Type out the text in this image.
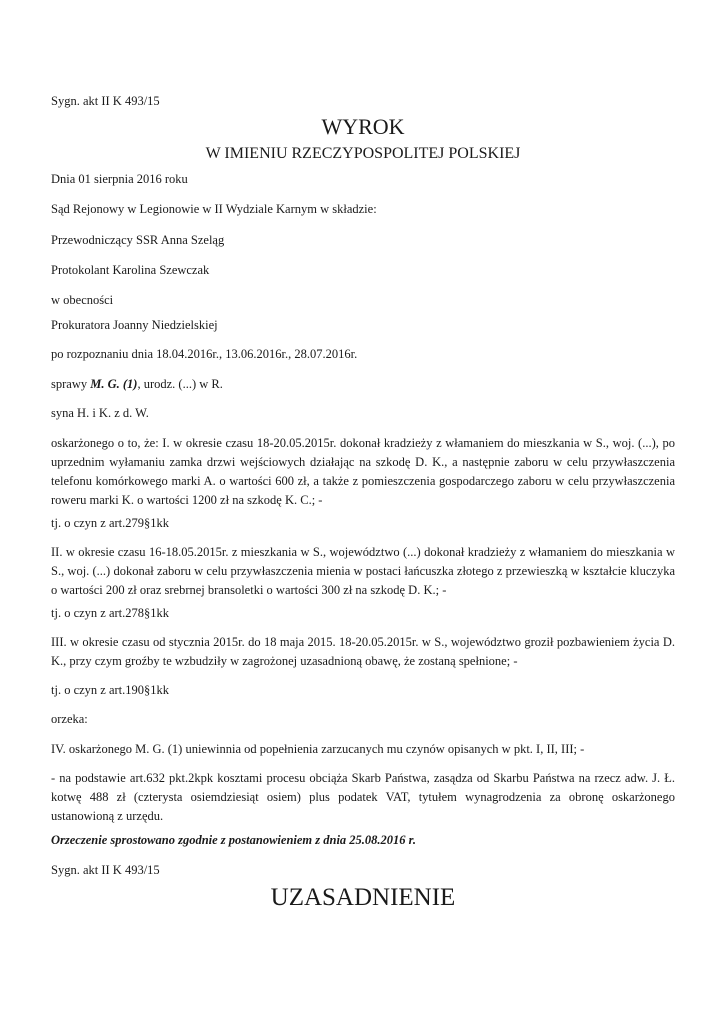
Sygn. akt II K 493/15

WYROK
W IMIENIU RZECZYPOSPOLITEJ POLSKIEJ

Dnia 01 sierpnia 2016 roku

Sąd Rejonowy w Legionowie w II Wydziale Karnym w składzie:

Przewodniczący SSR Anna Szeląg

Protokolant Karolina Szewczak

w obecności

Prokuratora Joanny Niedzielskiej

po rozpoznaniu dnia 18.04.2016r., 13.06.2016r., 28.07.2016r.

sprawy M. G. (1), urodz. (...) w R.

syna H. i K. z d. W.

oskarżonego o to, że: I. w okresie czasu 18-20.05.2015r. dokonał kradzieży z włamaniem do mieszkania w S., woj. (...), po uprzednim wyłamaniu zamka drzwi wejściowych działając na szkodę D. K., a następnie zaboru w celu przywłaszczenia telefonu komórkowego marki A. o wartości 600 zł, a także z pomieszczenia gospodarczego zaboru w celu przywłaszczenia roweru marki K. o wartości 1200 zł na szkodę K. C.; -

tj. o czyn z art.279§1kk

II. w okresie czasu 16-18.05.2015r. z mieszkania w S., województwo (...) dokonał kradzieży z włamaniem do mieszkania w S., woj. (...) dokonał zaboru w celu przywłaszczenia mienia w postaci łańcuszka złotego z przewieszką w kształcie kluczyka o wartości 200 zł oraz srebrnej bransoletki o wartości 300 zł na szkodę D. K.; -

tj. o czyn z art.278§1kk

III. w okresie czasu od stycznia 2015r. do 18 maja 2015. 18-20.05.2015r. w S., województwo groził pozbawieniem życia D. K., przy czym groźby te wzbudziły w zagrożonej uzasadnioną obawę, że zostaną spełnione; -

tj. o czyn z art.190§1kk

orzeka:

IV. oskarżonego M. G. (1) uniewinnia od popełnienia zarzucanych mu czynów opisanych w pkt. I, II, III; -

- na podstawie art.632 pkt.2kpk kosztami procesu obciąża Skarb Państwa, zasądza od Skarbu Państwa na rzecz adw. J. Ł. kotwę 488 zł (czterysta osiemdziesiąt osiem) plus podatek VAT, tytułem wynagrodzenia za obronę oskarżonego ustanowioną z urzędu.

Orzeczenie sprostowano zgodnie z postanowieniem z dnia 25.08.2016 r.

Sygn. akt II K 493/15

UZASADNIENIE
